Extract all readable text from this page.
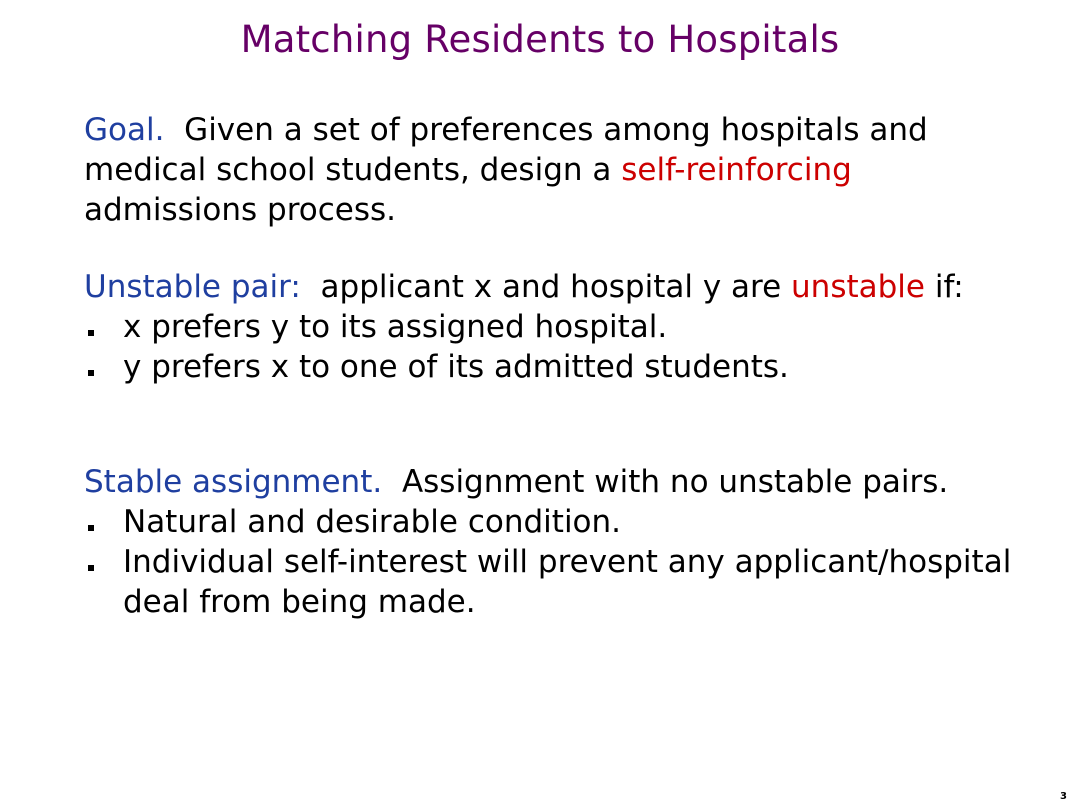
Matching Residents to Hospitals

Goal. Given a set of preferences among hospitals and medical school students, design a self-reinforcing admissions process.

Unstable pair: applicant x and hospital y are unstable if:

x prefers y to its assigned hospital.
y prefers x to one of its admitted students.

Stable assignment. Assignment with no unstable pairs.

Natural and desirable condition.
Individual self-interest will prevent any applicant/hospital deal from being made.
3
